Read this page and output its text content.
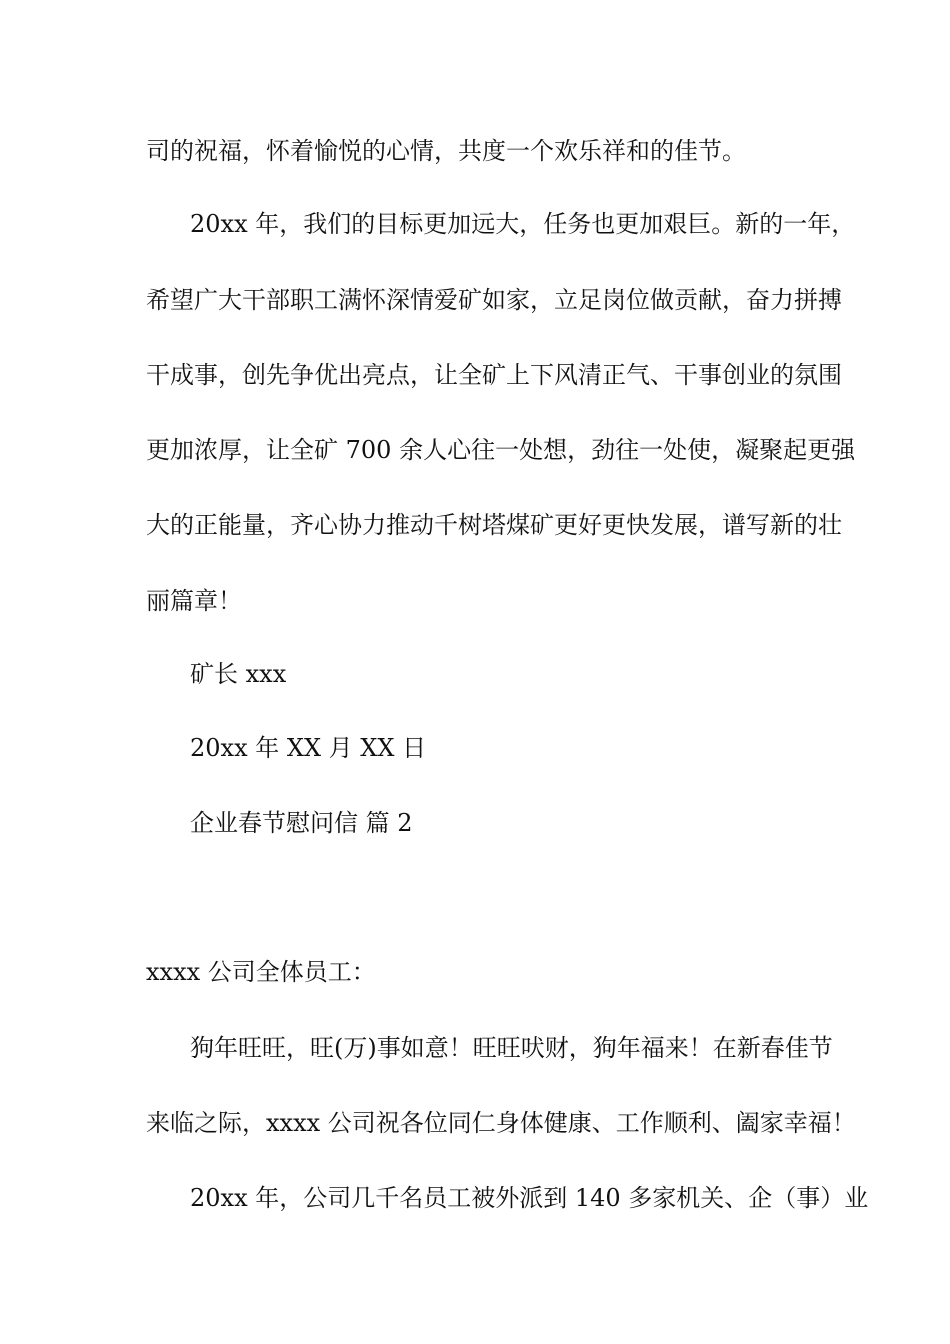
司的祝福，怀着愉悦的心情，共度一个欢乐祥和的佳节。
20xx 年，我们的目标更加远大，任务也更加艰巨。新的一年，
希望广大干部职工满怀深情爱矿如家，立足岗位做贡献，奋力拼搏
干成事，创先争优出亮点，让全矿上下风清正气、干事创业的氛围
更加浓厚，让全矿 700 余人心往一处想，劲往一处使，凝聚起更强
大的正能量，齐心协力推动千树塔煤矿更好更快发展，谱写新的壮
丽篇章！
矿长 xxx
20xx 年 XX 月 XX 日
企业春节慰问信 篇 2
xxxx 公司全体员工：
狗年旺旺，旺(万)事如意！旺旺吠财，狗年福来！在新春佳节
来临之际，xxxx 公司祝各位同仁身体健康、工作顺利、阖家幸福！
20xx 年，公司几千名员工被外派到 140 多家机关、企（事）业
